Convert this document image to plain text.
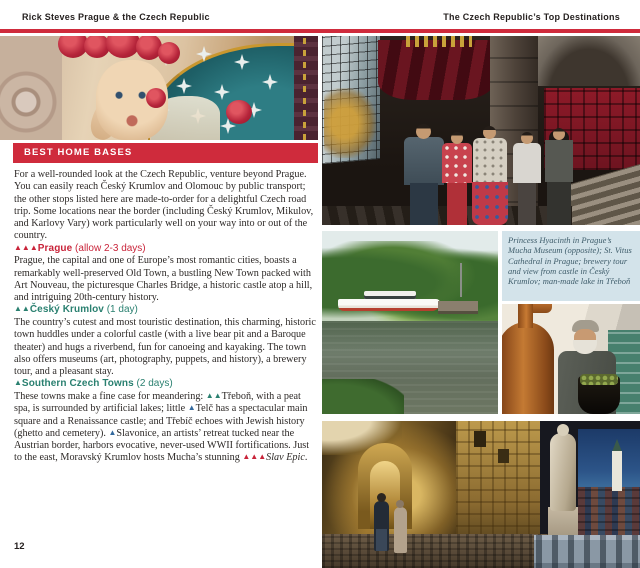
Rick Steves Prague & the Czech Republic	The Czech Republic’s Top Destinations
BEST HOME BASES

For a well-rounded look at the Czech Republic, venture beyond Prague. You can easily reach Český Krumlov and Olomouc by public transport; the other stops listed here are made-to-order for a delightful Czech road trip. Some locations near the border (including Český Krumlov, Mikulov, and Karlovy Vary) work particularly well on your way into or out of the country.

▲▲▲Prague (allow 2-3 days)

Prague, the capital and one of Europe’s most romantic cities, boasts a remarkably well-preserved Old Town, a bustling New Town packed with Art Nouveau, the picturesque Charles Bridge, a historic castle atop a hill, and intriguing 20th-century history.

▲▲Český Krumlov (1 day)

The country’s cutest and most touristic destination, this charming, historic town huddles under a colorful castle (with a live bear pit and a Baroque theater) and hugs a riverbend, fun for canoeing and kayaking. The town also offers museums (art, photography, puppets, and history), a brewery tour, and a pleasant stay.

▲Southern Czech Towns (2 days)

These towns make a fine case for meandering: ▲▲Třeboň, with a peat spa, is surrounded by artificial lakes; little ▲Telč has a spectacular main square and a Renaissance castle; and Třebíč echoes with Jewish history (ghetto and cemetery). ▲Slavonice, an artists’ retreat tucked near the Austrian border, harbors evocative, never-used WWII fortifications. Just to the east, Moravský Krumlov hosts Mucha’s stunning ▲▲▲Slav Epic.

12
Princess Hyacinth in Prague’s Mucha Museum (opposite); St. Vitus Cathedral in Prague; brewery tour and view from castle in Český Krumlov; man-made lake in Třeboň
